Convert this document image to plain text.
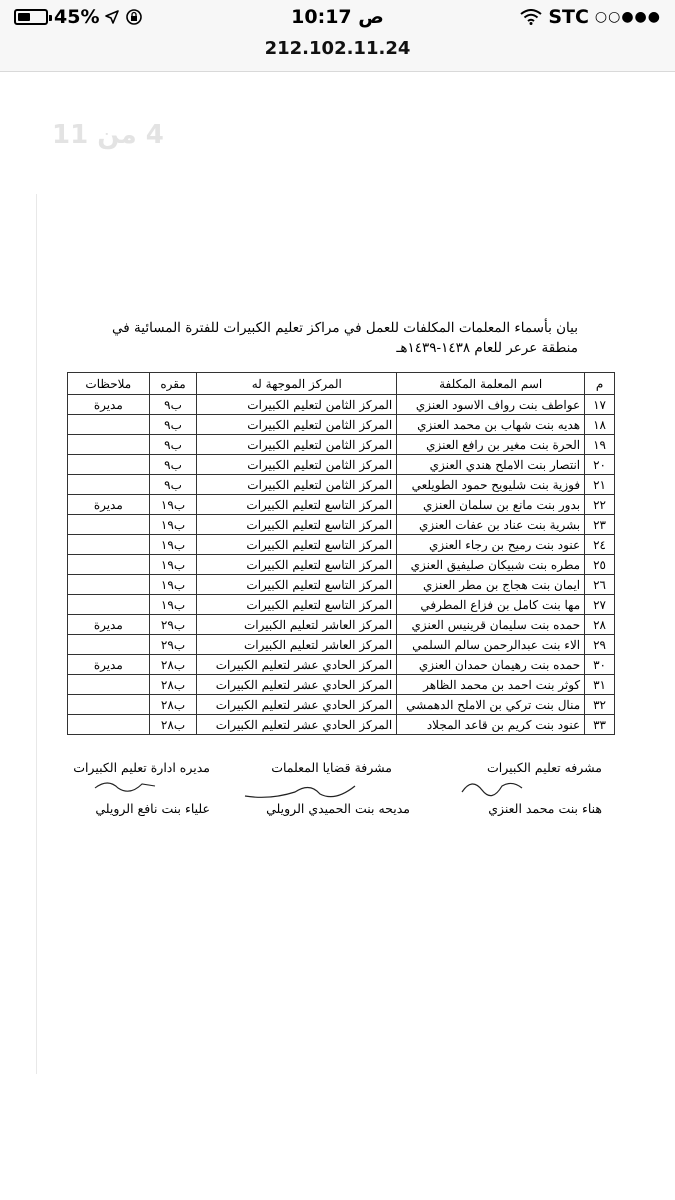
45%	10:17 ص	STC ○○●●●
212.102.11.24
4 من 11
بيان بأسماء المعلمات المكلفات للعمل في مراكز تعليم الكبيرات للفترة المسائية في
منطقة عرعر للعام ١٤٣٨-١٤٣٩هـ
م	اسم المعلمة المكلفة	المركز الموجهة له	مقره	ملاحظات
١٧	عواطف بنت رواف الاسود العنزي	المركز الثامن لتعليم الكبيرات	ب٩	مديرة
١٨	هديه بنت شهاب بن محمد العنزي	المركز الثامن لتعليم الكبيرات	ب٩	
١٩	الحرة بنت مغير بن رافع العنزي	المركز الثامن لتعليم الكبيرات	ب٩	
٢٠	انتصار بنت الاملح هندي العنزي	المركز الثامن لتعليم الكبيرات	ب٩	
٢١	فوزية بنت شليويح حمود الطويلعي	المركز الثامن لتعليم الكبيرات	ب٩	
٢٢	بدور بنت مانع بن سلمان العنزي	المركز التاسع لتعليم الكبيرات	ب١٩	مديرة
٢٣	بشرية بنت عناد بن عفات العنزي	المركز التاسع لتعليم الكبيرات	ب١٩	
٢٤	عنود بنت رميح بن رجاء العنزي	المركز التاسع لتعليم الكبيرات	ب١٩	
٢٥	مطره بنت شبيكان صليفيق العنزي	المركز التاسع لتعليم الكبيرات	ب١٩	
٢٦	ايمان بنت هجاج بن مطر العنزي	المركز التاسع لتعليم الكبيرات	ب١٩	
٢٧	مها بنت كامل بن فزاع المطرفي	المركز التاسع لتعليم الكبيرات	ب١٩	
٢٨	حمده بنت سليمان قرينيس العنزي	المركز العاشر لتعليم الكبيرات	ب٢٩	مديرة
٢٩	الاء بنت عبدالرحمن سالم السلمي	المركز العاشر لتعليم الكبيرات	ب٢٩	
٣٠	حمده بنت رهيمان حمدان العنزي	المركز الحادي عشر لتعليم الكبيرات	ب٢٨	مديرة
٣١	كوثر بنت احمد بن محمد الظاهر	المركز الحادي عشر لتعليم الكبيرات	ب٢٨	
٣٢	منال بنت تركي بن الاملح الدهمشي	المركز الحادي عشر لتعليم الكبيرات	ب٢٨	
٣٣	عنود بنت كريم بن قاعد المجلاد	المركز الحادي عشر لتعليم الكبيرات	ب٢٨	
مشرفه تعليم الكبيرات
هناء بنت محمد العنزي
مشرفة قضايا المعلمات
مديحه بنت الحميدي الرويلي
مديره ادارة تعليم الكبيرات
علياء بنت نافع الرويلي
